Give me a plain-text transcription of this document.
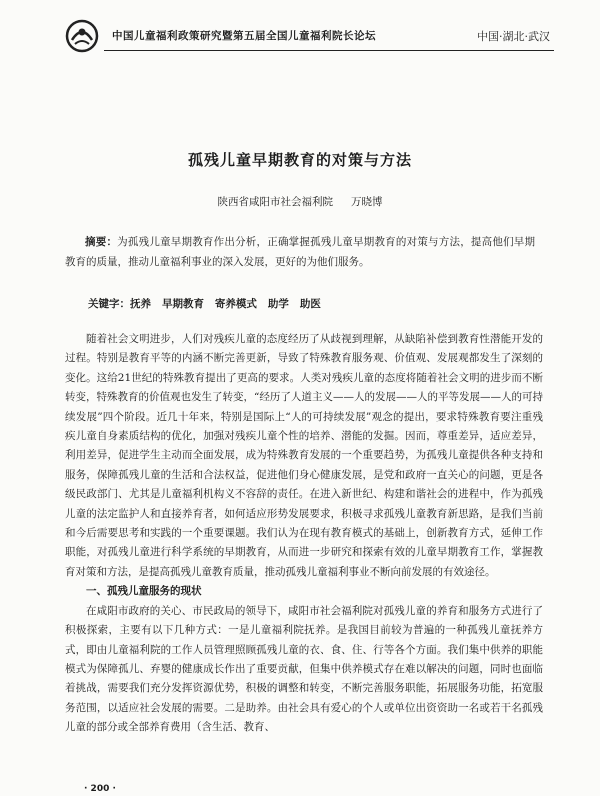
中国儿童福利政策研究暨第五届全国儿童福利院长论坛	中国·湖北·武汉
孤残儿童早期教育的对策与方法
陕西省咸阳市社会福利院 万晓博
摘要：为孤残儿童早期教育作出分析，正确掌握孤残儿童早期教育的对策与方法，提高他们早期教育的质量，推动儿童福利事业的深入发展，更好的为他们服务。
关键字：抚养   早期教育   寄养模式   助学   助医

随着社会文明进步，人们对残疾儿童的态度经历了从歧视到理解，从缺陷补偿到教育性潜能开发的过程。特别是教育平等的内涵不断完善更新，导致了特殊教育服务观、价值观、发展观都发生了深刻的变化。这给21世纪的特殊教育提出了更高的要求。人类对残疾儿童的态度将随着社会文明的进步而不断转变，特殊教育的价值观也发生了转变，“经历了人道主义——人的发展——人的平等发展——人的可持续发展”四个阶段。近几十年来，特别是国际上“人的可持续发展”观念的提出，要求特殊教育要注重残疾儿童自身素质结构的优化，加强对残疾儿童个性的培养、潜能的发掘。因而，尊重差异，适应差异，利用差异，促进学生主动而全面发展，成为特殊教育发展的一个重要趋势，为孤残儿童提供各种支持和服务，保障孤残儿童的生活和合法权益，促进他们身心健康发展，是党和政府一直关心的问题，更是各级民政部门、尤其是儿童福利机构义不容辞的责任。在进入新世纪、构建和谐社会的进程中，作为孤残儿童的法定监护人和直接养育者，如何适应形势发展要求，积极寻求孤残儿童教育新思路，是我们当前和今后需要思考和实践的一个重要课题。我们认为在现有教育模式的基础上，创新教育方式，延伸工作职能，对孤残儿童进行科学系统的早期教育，从而进一步研究和探索有效的儿童早期教育工作，掌握教育对策和方法，是提高孤残儿童教育质量，推动孤残儿童福利事业不断向前发展的有效途径。

一、孤残儿童服务的现状

在咸阳市政府的关心、市民政局的领导下，咸阳市社会福利院对孤残儿童的养育和服务方式进行了积极探索，主要有以下几种方式：一是儿童福利院抚养。是我国目前较为普遍的一种孤残儿童抚养方式，即由儿童福利院的工作人员管理照顾孤残儿童的衣、食、住、行等各个方面。我们集中供养的职能模式为保障孤儿、弃婴的健康成长作出了重要贡献，但集中供养模式存在难以解决的问题，同时也面临着挑战，需要我们充分发挥资源优势，积极的调整和转变，不断完善服务职能，拓展服务功能，拓宽服务范围，以适应社会发展的需要。二是助养。由社会具有爱心的个人或单位出资资助一名或若干名孤残儿童的部分或全部养育费用（含生活、教育、

· 200 ·
